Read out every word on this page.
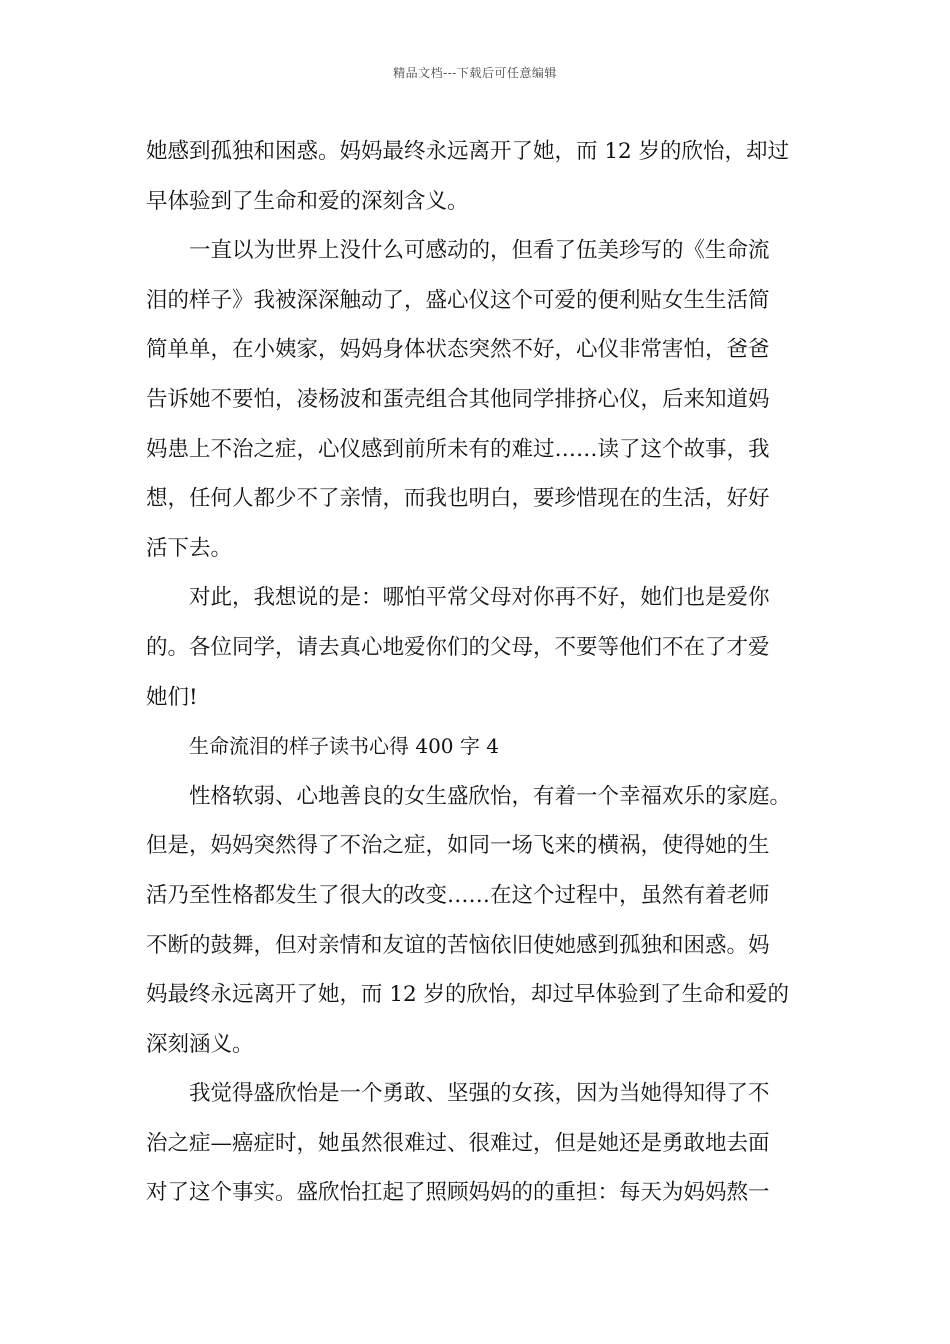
精品文档---下载后可任意编辑
她感到孤独和困惑。妈妈最终永远离开了她，而 12 岁的欣怡，却过
早体验到了生命和爱的深刻含义。
一直以为世界上没什么可感动的，但看了伍美珍写的《生命流
泪的样子》我被深深触动了，盛心仪这个可爱的便利贴女生生活简
简单单，在小姨家，妈妈身体状态突然不好，心仪非常害怕，爸爸
告诉她不要怕，凌杨波和蛋壳组合其他同学排挤心仪，后来知道妈
妈患上不治之症，心仪感到前所未有的难过……读了这个故事，我
想，任何人都少不了亲情，而我也明白，要珍惜现在的生活，好好
活下去。
对此，我想说的是：哪怕平常父母对你再不好，她们也是爱你
的。各位同学，请去真心地爱你们的父母，不要等他们不在了才爱
她们!
生命流泪的样子读书心得 400 字 4
性格软弱、心地善良的女生盛欣怡，有着一个幸福欢乐的家庭。
但是，妈妈突然得了不治之症，如同一场飞来的横祸，使得她的生
活乃至性格都发生了很大的改变……在这个过程中，虽然有着老师
不断的鼓舞，但对亲情和友谊的苦恼依旧使她感到孤独和困惑。妈
妈最终永远离开了她，而 12 岁的欣怡，却过早体验到了生命和爱的
深刻涵义。
我觉得盛欣怡是一个勇敢、坚强的女孩，因为当她得知得了不
治之症—癌症时，她虽然很难过、很难过，但是她还是勇敢地去面
对了这个事实。盛欣怡扛起了照顾妈妈的的重担：每天为妈妈熬一
